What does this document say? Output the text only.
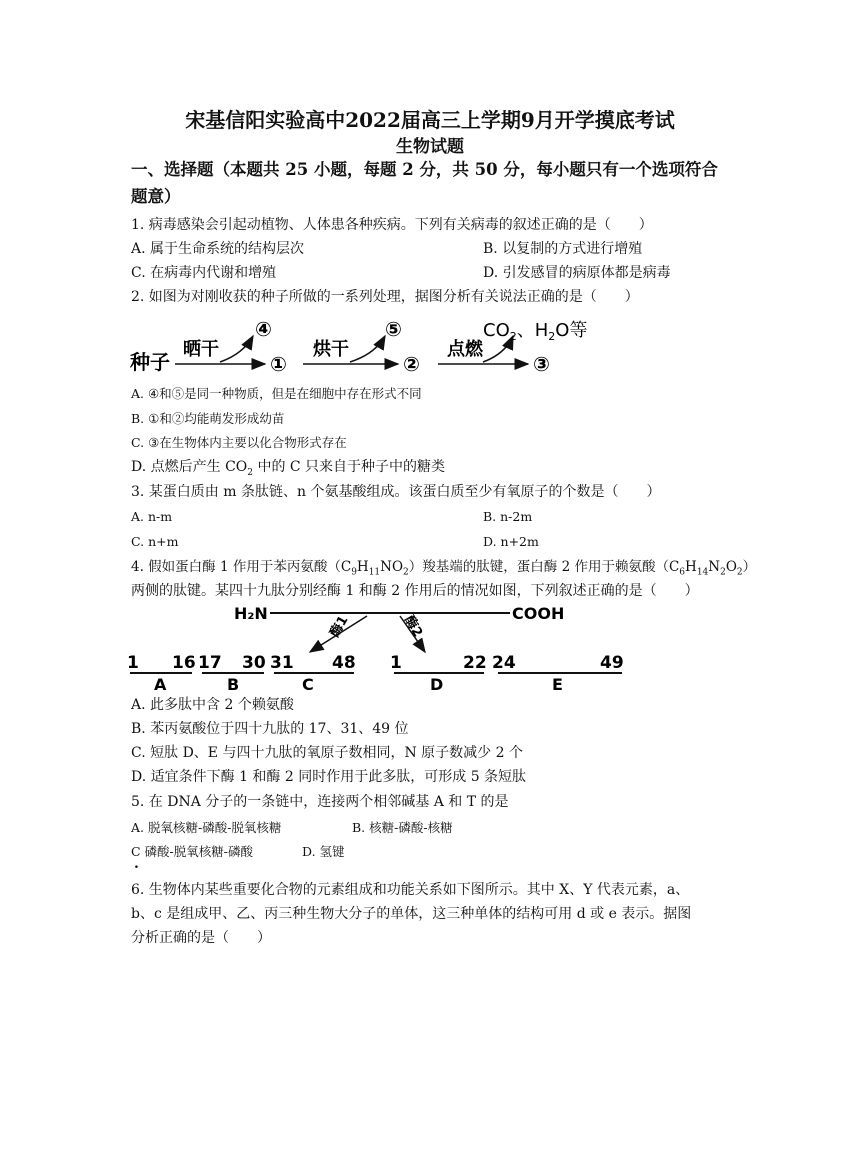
宋基信阳实验高中2022届高三上学期9月开学摸底考试
生物试题
一、选择题（本题共 25 小题，每题 2 分，共 50 分，每小题只有一个选项符合
题意）
1. 病毒感染会引起动植物、人体患各种疾病。下列有关病毒的叙述正确的是（　　）
A. 属于生命系统的结构层次	B. 以复制的方式进行增殖
C. 在病毒内代谢和增殖	D. 引发感冒的病原体都是病毒
2. 如图为对刚收获的种子所做的一系列处理，据图分析有关说法正确的是（　　）
种子
晒干
④
①
烘干
⑤
②
点燃
$CO_2$、$H_2O$等
③
A. ④和⑤是同一种物质，但是在细胞中存在形式不同
B. ①和②均能萌发形成幼苗
C. ③在生物体内主要以化合物形式存在
D. 点燃后产生 $CO_2$ 中的 C 只来自于种子中的糖类
3. 某蛋白质由 m 条肽链、n 个氨基酸组成。该蛋白质至少有氧原子的个数是（　　）
A. n-m	B. n-2m
C. n+m	D. n+2m
4. 假如蛋白酶 1 作用于苯丙氨酸$(C_9H_{11}NO_2)$羧基端的肽键，蛋白酶 2 作用于赖氨酸$(C_6H_{14}N_2O_2)$
两侧的肽键。某四十九肽分别经酶 1 和酶 2 作用后的情况如图，下列叙述正确的是（　　）
H₂N	COOH
酶1	酶2
1 16
A
17 30
B
31 48
C
1	22
D
24	49
E
A. 此多肽中含 2 个赖氨酸
B. 苯丙氨酸位于四十九肽的 17、31、49 位
C. 短肽 D、E 与四十九肽的氧原子数相同，N 原子数减少 2 个
D. 适宜条件下酶 1 和酶 2 同时作用于此多肽，可形成 5 条短肽
5. 在 DNA 分子的一条链中，连接两个相邻碱基 A 和 T 的是
A. 脱氧核糖-磷酸-脱氧核糖	B. 核糖-磷酸-核糖
C 磷酸-脱氧核糖-磷酸	D. 氢键
.
6. 生物体内某些重要化合物的元素组成和功能关系如下图所示。其中 X、Y 代表元素，a、
b、c 是组成甲、乙、丙三种生物大分子的单体，这三种单体的结构可用 d 或 e 表示。据图
分析正确的是（　　）
